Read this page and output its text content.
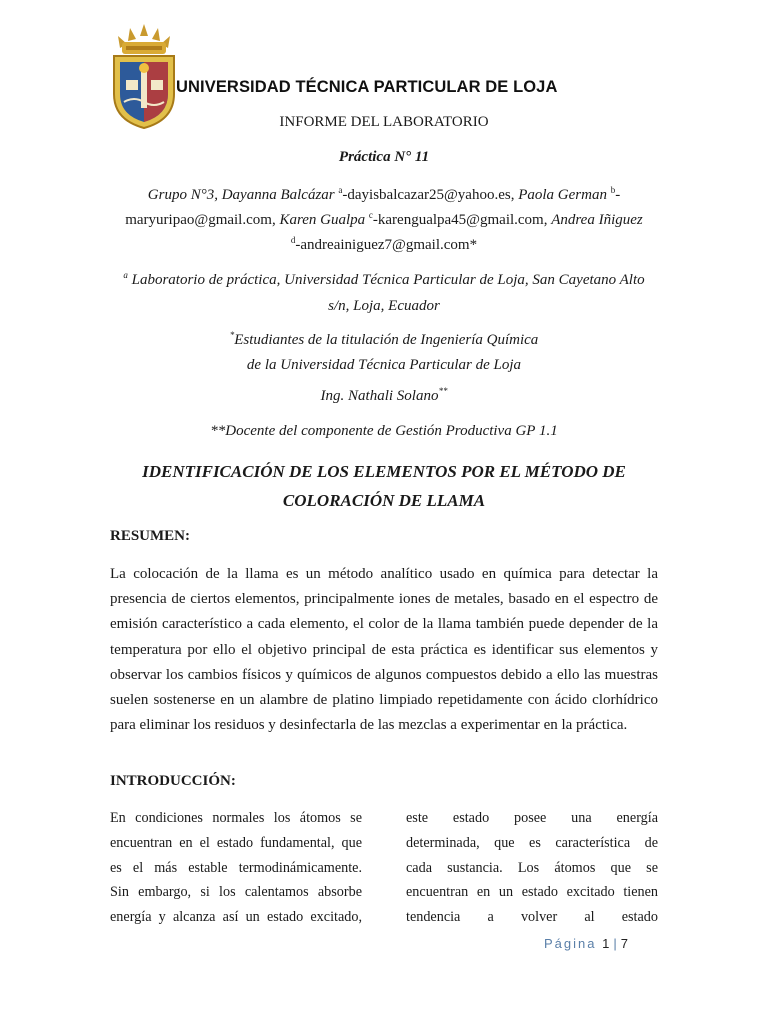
UNIVERSIDAD TÉCNICA PARTICULAR DE LOJA
INFORME DEL LABORATORIO
Práctica N° 11
Grupo N°3, Dayanna Balcázar $^a$-dayisbalcazar25@yahoo.es, Paola German $^b$-maryuripao@gmail.com, Karen Gualpa $^c$-karengualpa45@gmail.com, Andrea Iñiguez
$^d$-andreainiguez7@gmail.com*
$^a$ Laboratorio de práctica, Universidad Técnica Particular de Loja, San Cayetano Alto
s/n, Loja, Ecuador
*Estudiantes de la titulación de Ingeniería Química
de la Universidad Técnica Particular de Loja
Ing. Nathali Solano**
**Docente del componente de Gestión Productiva GP 1.1
IDENTIFICACIÓN DE LOS ELEMENTOS POR EL MÉTODO DE
COLORACIÓN DE LLAMA
RESUMEN:
La colocación de la llama es un método analítico usado en química para detectar la presencia de ciertos elementos, principalmente iones de metales, basado en el espectro de emisión característico a cada elemento, el color de la llama también puede depender de la temperatura por ello el objetivo principal de esta práctica es identificar sus elementos y observar los cambios físicos y químicos de algunos compuestos debido a ello las muestras suelen sostenerse en un alambre de platino limpiado repetidamente con ácido clorhídrico para eliminar los residuos y desinfectarla de las mezclas a experimentar en la práctica.
INTRODUCCIÓN:
En condiciones normales los átomos se
encuentran en el estado fundamental, que
es el más estable termodinámicamente.
Sin embargo, si los calentamos absorbe
energía y alcanza así un estado excitado,
este estado posee una energía
determinada, que es característica de
cada sustancia. Los átomos que se
encuentran en un estado excitado tienen
tendencia a volver al estado
Página 1 | 7
